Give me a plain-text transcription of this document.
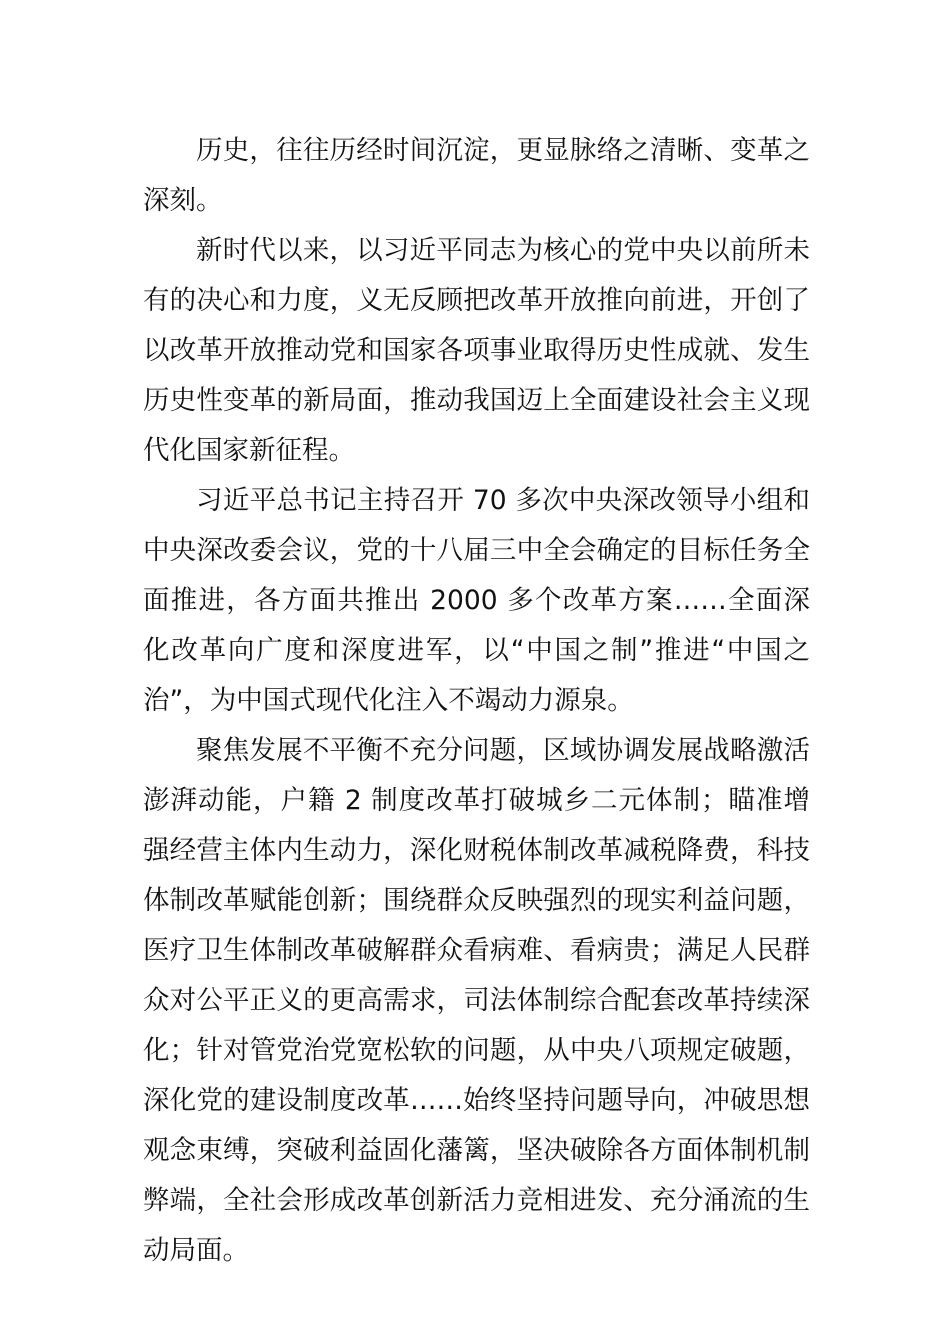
历史，往往历经时间沉淀，更显脉络之清晰、变革之深刻。

新时代以来，以习近平同志为核心的党中央以前所未有的决心和力度，义无反顾把改革开放推向前进，开创了以改革开放推动党和国家各项事业取得历史性成就、发生历史性变革的新局面，推动我国迈上全面建设社会主义现代化国家新征程。

习近平总书记主持召开 70 多次中央深改领导小组和中央深改委会议，党的十八届三中全会确定的目标任务全面推进，各方面共推出 2000 多个改革方案……全面深化改革向广度和深度进军，以“中国之制”推进“中国之治”，为中国式现代化注入不竭动力源泉。

聚焦发展不平衡不充分问题，区域协调发展战略激活澎湃动能，户籍 2 制度改革打破城乡二元体制；瞄准增强经营主体内生动力，深化财税体制改革减税降费，科技体制改革赋能创新；围绕群众反映强烈的现实利益问题，医疗卫生体制改革破解群众看病难、看病贵；满足人民群众对公平正义的更高需求，司法体制综合配套改革持续深化；针对管党治党宽松软的问题，从中央八项规定破题，深化党的建设制度改革……始终坚持问题导向，冲破思想观念束缚，突破利益固化藩篱，坚决破除各方面体制机制弊端，全社会形成改革创新活力竞相进发、充分涌流的生动局面。
